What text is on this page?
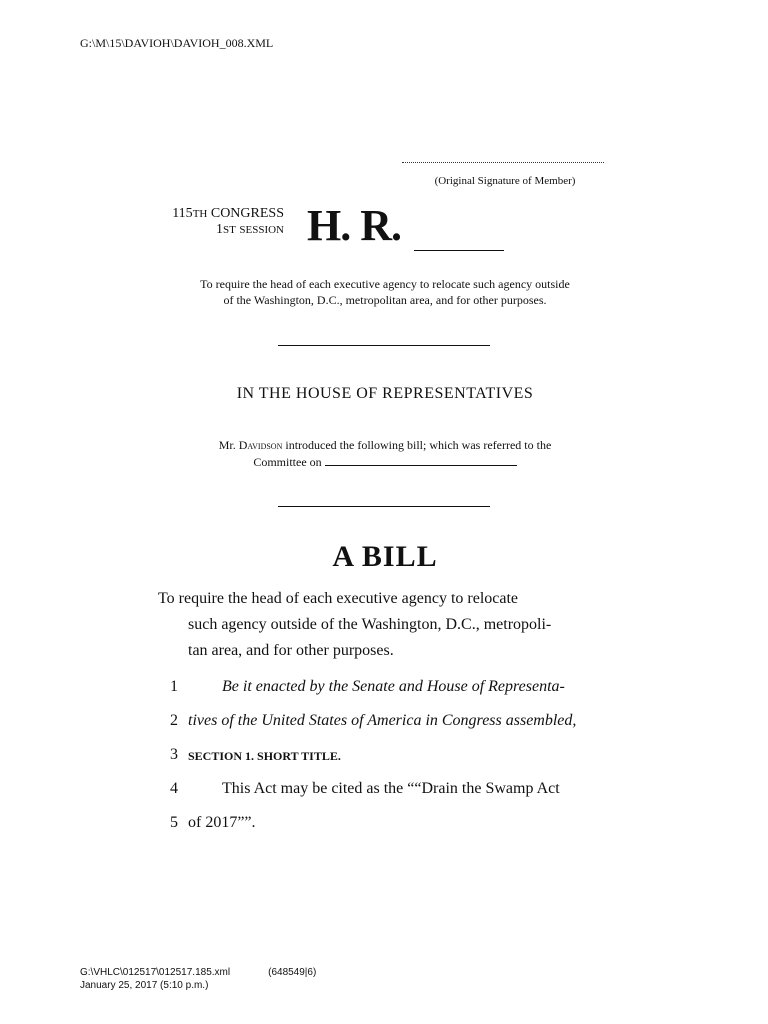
G:\M\15\DAVIOH\DAVIOH_008.XML
(Original Signature of Member)
115TH CONGRESS
1ST SESSION H. R.
To require the head of each executive agency to relocate such agency outside
of the Washington, D.C., metropolitan area, and for other purposes.
IN THE HOUSE OF REPRESENTATIVES
Mr. Davidson introduced the following bill; which was referred to the
Committee on
A BILL
To require the head of each executive agency to relocate
such agency outside of the Washington, D.C., metropoli-
tan area, and for other purposes.
1	Be it enacted by the Senate and House of Representa-
2 tives of the United States of America in Congress assembled,
3 SECTION 1. SHORT TITLE.
4	This Act may be cited as the ““Drain the Swamp Act
5 of 2017””.
G:\VHLC\012517\012517.185.xml	(648549|6)
January 25, 2017 (5:10 p.m.)
